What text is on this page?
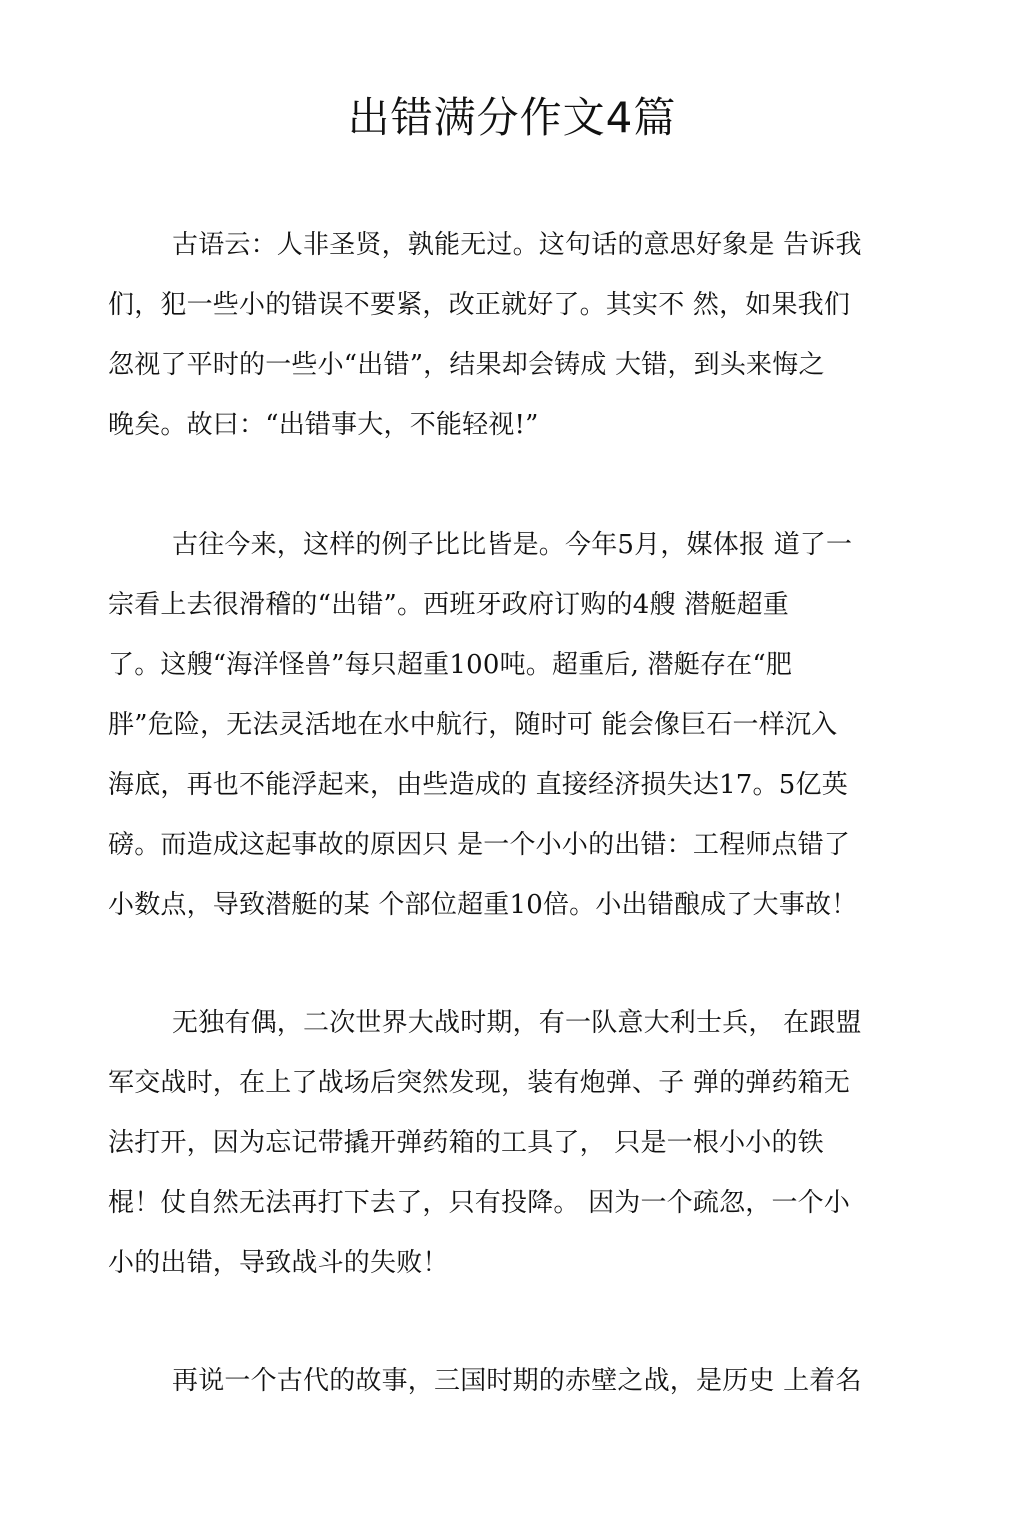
出错满分作文4篇
古语云：人非圣贤，孰能无过。这句话的意思好象是 告诉我
们，犯一些小的错误不要紧，改正就好了。其实不 然，如果我们
忽视了平时的一些小“出错”，结果却会铸成 大错，到头来悔之
晚矣。故曰：“出错事大，不能轻视!”
古往今来，这样的例子比比皆是。今年5月，媒体报 道了一
宗看上去很滑稽的“出错”。西班牙政府订购的4艘 潜艇超重
了。这艘“海洋怪兽”每只超重100吨。超重后, 潜艇存在“肥
胖”危险，无法灵活地在水中航行，随时可 能会像巨石一样沉入
海底，再也不能浮起来，由些造成的 直接经济损失达17。5亿英
磅。而造成这起事故的原因只 是一个小小的出错：工程师点错了
小数点，导致潜艇的某 个部位超重10倍。小出错酿成了大事故！
无独有偶，二次世界大战时期，有一队意大利士兵， 在跟盟
军交战时，在上了战场后突然发现，装有炮弹、子 弹的弹药箱无
法打开，因为忘记带撬开弹药箱的工具了， 只是一根小小的铁
棍！仗自然无法再打下去了，只有投降。 因为一个疏忽，一个小
小的出错，导致战斗的失败！
再说一个古代的故事，三国时期的赤壁之战，是历史 上着名
